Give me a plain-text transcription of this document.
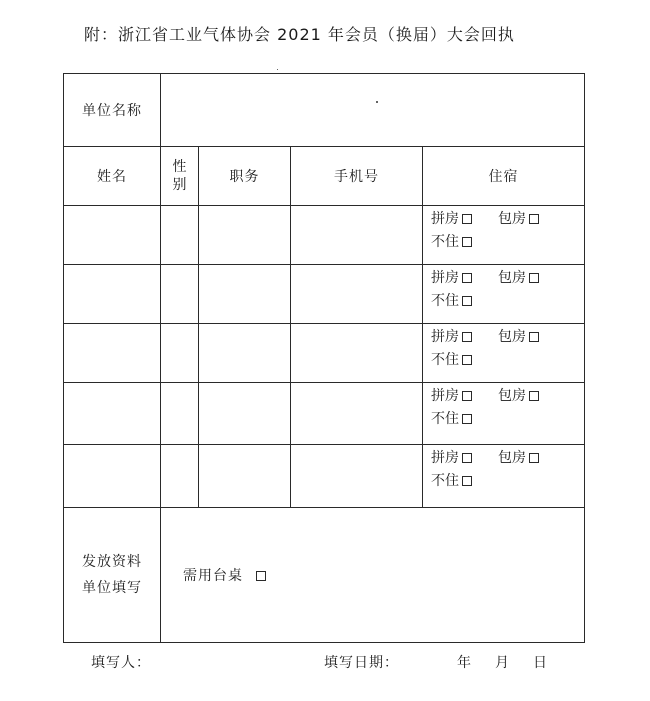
附：浙江省工业气体协会 2021 年会员（换届）大会回执
单位名称				
姓名	性别	职务	手机号	住宿

				拼房 包房
不住

				拼房 包房
不住

				拼房 包房
不住

				拼房 包房
不住

				拼房 包房
不住

发放资料
单位填写	需用台桌			
填写人：	填写日期：	年 月 日
